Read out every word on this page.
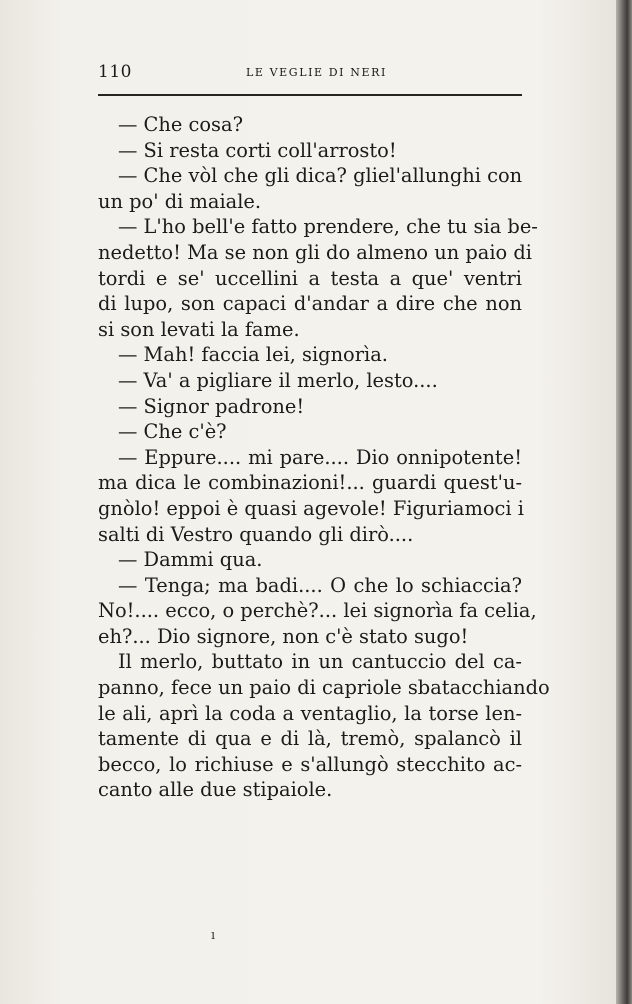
110	LE VEGLIE DI NERI
— Che cosa?
— Si resta corti coll'arrosto!
— Che vòl che gli dica? gliel'allunghi con
un po' di maiale.
— L'ho bell'e fatto prendere, che tu sia be-
nedetto! Ma se non gli do almeno un paio di
tordi e se' uccellini a testa a que' ventri
di lupo, son capaci d'andar a dire che non
si son levati la fame.
— Mah! faccia lei, signorìa.
— Va' a pigliare il merlo, lesto....
— Signor padrone!
— Che c'è?
— Eppure.... mi pare.... Dio onnipotente!
ma dica le combinazioni!... guardi quest'u-
gnòlo! eppoi è quasi agevole! Figuriamoci i
salti di Vestro quando gli dirò....
— Dammi qua.
— Tenga; ma badi.... O che lo schiaccia?
No!.... ecco, o perchè?... lei signorìa fa celia,
eh?... Dio signore, non c'è stato sugo!
Il merlo, buttato in un cantuccio del ca-
panno, fece un paio di capriole sbatacchiando
le ali, aprì la coda a ventaglio, la torse len-
tamente di qua e di là, tremò, spalancò il
becco, lo richiuse e s'allungò stecchito ac-
canto alle due stipaiole.
ı
